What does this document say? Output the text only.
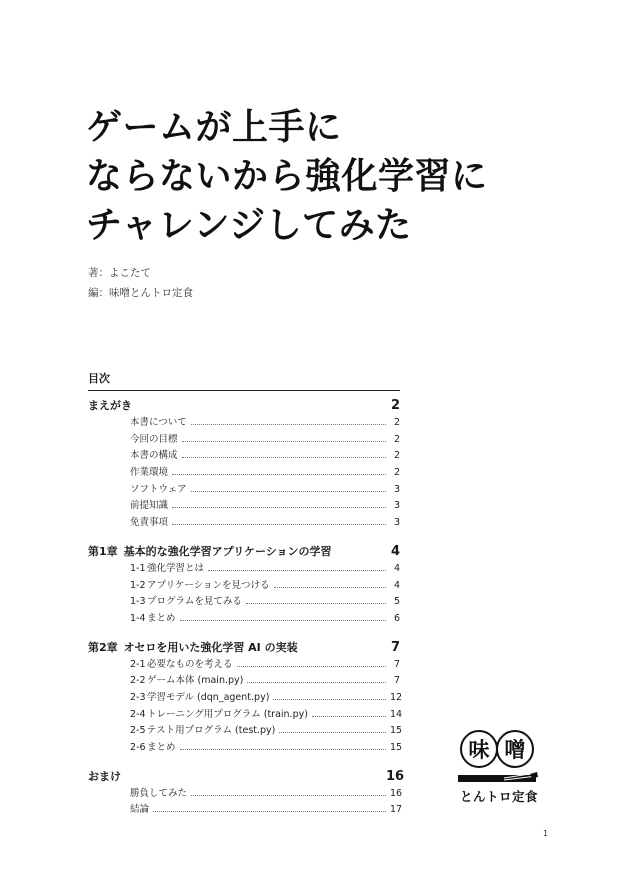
ゲームが上手に
ならないから強化学習に
チャレンジしてみた
著：よこたて
編：味噌とんトロ定食
目次
まえがき	2
本書について	2
今回の目標	2
本書の構成	2
作業環境	2
ソフトウェア	3
前提知識	3
免責事項	3
第1章 基本的な強化学習アプリケーションの学習	4
1-1 強化学習とは	4
1-2 アプリケーションを見つける	4
1-3 プログラムを見てみる	5
1-4 まとめ	6
第2章 オセロを用いた強化学習 AI の実装	7
2-1 必要なものを考える	7
2-2 ゲーム本体 (main.py)	7
2-3 学習モデル (dqn_agent.py)	12
2-4 トレーニング用プログラム (train.py)	14
2-5 テスト用プログラム (test.py)	15
2-6 まとめ	15
おまけ	16
勝負してみた	16
結論	17
味 噌
とんトロ定食
1
